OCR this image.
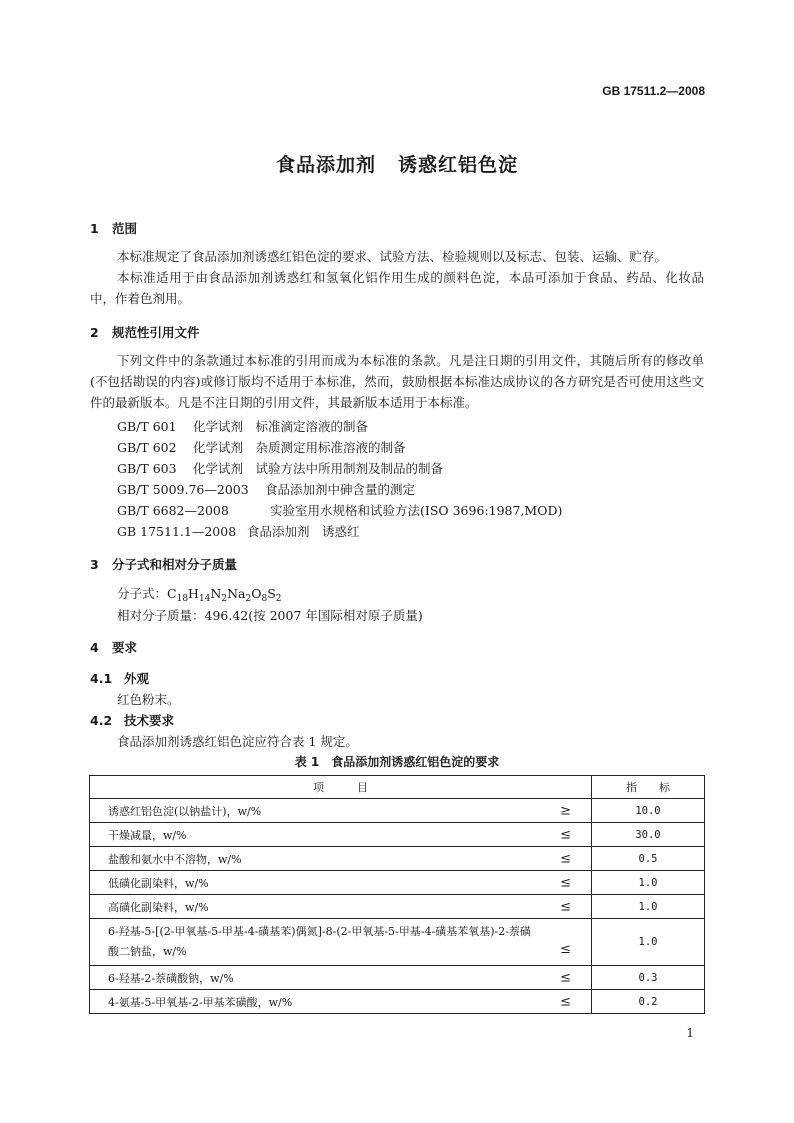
GB 17511.2—2008
食品添加剂 诱惑红铝色淀
1 范围
本标准规定了食品添加剂诱惑红铝色淀的要求、试验方法、检验规则以及标志、包装、运输、贮存。
本标准适用于由食品添加剂诱惑红和氢氧化铝作用生成的颜料色淀，本品可添加于食品、药品、化妆品中，作着色剂用。
2 规范性引用文件
下列文件中的条款通过本标准的引用而成为本标准的条款。凡是注日期的引用文件，其随后所有的修改单(不包括勘误的内容)或修订版均不适用于本标准，然而，鼓励根据本标准达成协议的各方研究是否可使用这些文件的最新版本。凡是不注日期的引用文件，其最新版本适用于本标准。
GB/T 601 化学试剂　标准滴定溶液的制备
GB/T 602 化学试剂　杂质测定用标准溶液的制备
GB/T 603 化学试剂　试验方法中所用制剂及制品的制备
GB/T 5009.76—2003 食品添加剂中砷含量的测定
GB/T 6682—2008	实验室用水规格和试验方法(ISO 3696:1987,MOD)
GB 17511.1—2008 食品添加剂　诱惑红
3 分子式和相对分子质量
分子式：$C_{18}H_{14}N_2Na_2O_8S_2$
相对分子质量：496.42(按 2007 年国际相对原子质量)
4 要求
4.1 外观
红色粉末。
4.2 技术要求
食品添加剂诱惑红铝色淀应符合表 1 规定。
表 1　食品添加剂诱惑红铝色淀的要求
项　　　目	指　　标
诱惑红铝色淀(以钠盐计)，w/% ≥	10.0
干燥减量，w/% ≤	30.0
盐酸和氨水中不溶物，w/% ≤	0.5
低磺化副染料，w/% ≤	1.0
高磺化副染料，w/% ≤	1.0
6-羟基-5-[(2-甲氧基-5-甲基-4-磺基苯)偶氮]-8-(2-甲氧基-5-甲基-4-磺基苯氧基)-2-萘磺
酸二钠盐，w/% ≤	1.0
6-羟基-2-萘磺酸钠，w/% ≤	0.3
4-氨基-5-甲氧基-2-甲基苯磺酸，w/% ≤	0.2
1
